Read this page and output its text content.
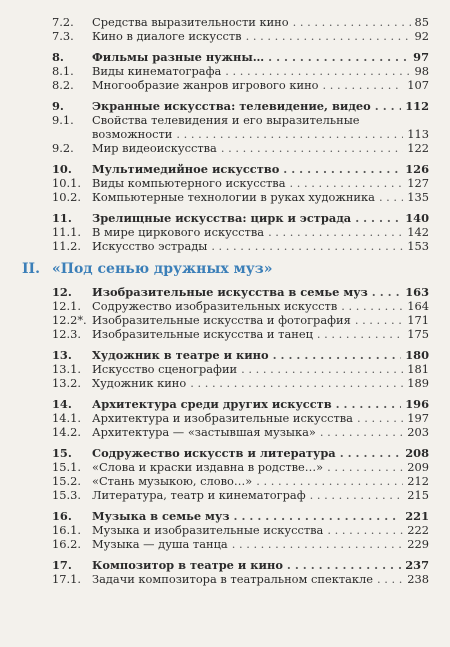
7.2.	Средства выразительности кино . . .	85
7.3.	Кино в диалоге искусств . . .	92
8.	Фильмы разные нужны… . . .	97
8.1.	Виды кинематографа . . .	98
8.2.	Многообразие жанров игрового кино . . .	107
9.	Экранные искусства: телевидение, видео . . .	112
9.1.	Свойства телевидения и его выразительные
возможности . . .	113
9.2.	Мир видеоискусства . . .	122
10.	Мультимедийное искусство . . .	126
10.1. Виды компьютерного искусства . . .	127
10.2. Компьютерные технологии в руках художника . . .	135
11.	Зрелищные искусства: цирк и эстрада . . .	140
11.1. В мире циркового искусства . . .	142
11.2. Искусство эстрады . . .	153
II. «Под сенью дружных муз»
12.	Изобразительные искусства в семье муз . . .	163
12.1. Содружество изобразительных искусств . . .	164
12.2*. Изобразительные искусства и фотография . . .	171
12.3. Изобразительные искусства и танец . . .	175
13.	Художник в театре и кино . . .	180
13.1. Искусство сценографии . . .	181
13.2. Художник кино . . .	189
14.	Архитектура среди других искусств . . .	196
14.1. Архитектура и изобразительные искусства . . .	197
14.2. Архитектура — «застывшая музыка» . . .	203
15.	Содружество искусств и литература . . .	208
15.1. «Слова и краски издавна в родстве…» . . .	209
15.2. «Стань музыкою, слово…» . . .	212
15.3. Литература, театр и кинематограф . . .	215
16.	Музыка в семье муз . . .	221
16.1. Музыка и изобразительные искусства . . .	222
16.2. Музыка — душа танца . . .	229
17.	Композитор в театре и кино . . .	237
17.1. Задачи композитора в театральном спектакле . . .	238
